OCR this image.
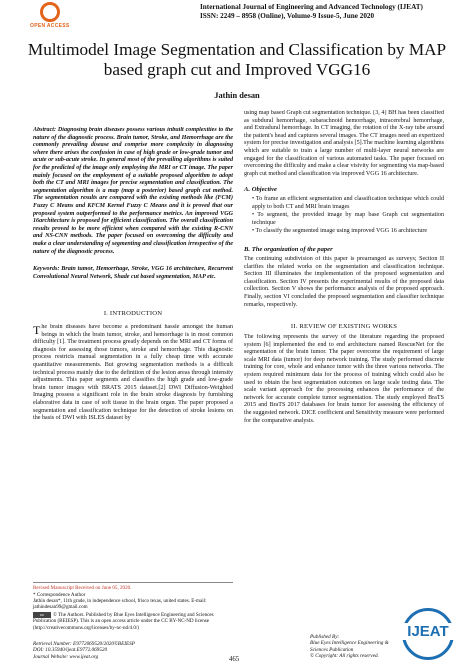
OPEN ACCESS
International Journal of Engineering and Advanced Technology (IJEAT)
ISSN: 2249 – 8958 (Online), Volume-9 Issue-5, June 2020
Multimodel Image Segmentation and Classification by MAP based graph cut and Improved VGG16
Jathin desan
Abstract: Diagnosing brain diseases possess various inbuilt complexities to the nature of the diagnostic process. Brain tumor, Stroke, and Hemorrhage are the commonly prevailing disease and comprise more complexity in diagnosing where there arises the confusion in case of high grade or low-grade tumor and acute or sub-acute stroke. In general most of the prevailing algorithms is suited for the predicted of the image only employing the MRI or CT image. The paper mainly focused on the employment of a suitable proposed algorithm to adopt both the CT and MRI images for precise segmentation and classification. The segmentation algorithm is a map (map a posterior) based graph cut method. The segmentation results are compared with the existing methods like (FCM) Fuzzy C Means and KFCM Kernel Fuzzy C Means and it is proved that our proposed system outperformed to the performance metrics. An improved VGG 16architecture is proposed for efficient classification. The overall classification results proved to be more efficient when compared with the existing R-CNN and NS-CNN methods. The paper focused on overcoming the difficulty and make a clear understanding of segmenting and classification irrespective of the nature of the diagnostic process.
Keywords: Brain tumor, Hemorrhage, Stroke, VGG 16 architecture, Recurrent Convolutional Neural Network, Shade cut based segmentation, MAP etc.
I. INTRODUCTION
The brain diseases have become a predominant hassle amongst the human beings in which the brain tumor, stroke, and hemorrhage is in most common difficulty [1]. The treatment process greatly depends on the MRI and CT forms of diagnosis for assessing those tumors, stroke and hemorrhage. This diagnostic process restricts manual segmentation in a fully cheap time with accurate quantitative measurements. But growing segmentation methods is a difficult technical process mainly due to the definition of the lesion areas through intensity adjustments. This paper segments and classifies the high grade and low-grade brain tumor images with BRATS 2015 dataset.[2] DWI Diffusion-Weighted Imaging possess a significant role in the brain stroke diagnosis by furnishing elaborative data in case of soft tissue in the brain organ. The paper proposed a segmentation and classification technique for the detection of stroke lesions on the basis of DWI with ISLES dataset by
Revised Manuscript Received on June 05, 2020.
* Correspondence Author
Jathin desan*, 11th grade, in independence school, frisco texas, united states. E-mail: jathindesan99@gmail.com
cc © The Authors. Published by Blue Eyes Intelligence Engineering and Sciences Publication (BEIESP). This is an open access article under the CC BY-NC-ND license (http://creativecommons.org/licenses/by-nc-nd/4.0/)
using map based Graph cut segmentation technique. [3, 4] BH has been classified as subdural hemorrhage, subarachnoid hemorrhage, intracerebral hemorrhage, and Extradural hemorrhage. In CT imaging, the rotation of the X-ray tube around the patient's head and captures several images. The CT images need an expertized system for precise investigation and analysis [5].The machine learning algorithms which are suitable to train a large number of multi-layer neural networks are engaged for the classification of various automated tasks. The paper focused on overcoming the difficulty and make a clear visivity for segmenting via map-based graph cut method and classification via improved VGG 16 architecture.
A. Objective
• To frame an efficient segmentation and classification technique which could apply to both CT and MRI brain images
• To segment, the provided image by map base Graph cut segmentation technique
• To classify the segmented image using improved VGG 16 architecture
B. The organization of the paper
The continuing subdivision of this paper is prearranged as surveys; Section II clarifies the related works on the segmentation and classification technique. Section III illuminates the implementation of the proposed segmentation and classification. Section IV presents the experimental results of the proposed data collection. Section V shows the performance analysis of the proposed approach. Finally, section VI concluded the proposed segmentation and classifier technique remarks, respectively.
II. REVIEW OF EXISTING WORKS
The following represents the survey of the literature regarding the proposed system [6] implemented the end to end architecture named RescueNet for the segmentation of the brain tumor. The paper overcome the requirement of large scale MRI data (tumor) for deep network training. The study performed discrete training for core, whole and enhance tumor with the three various networks. The system required minimum data for the process of training which could also be used to obtain the best segmentation outcomes on large scale testing data. The scale variant approach for the processing enhances the performance of the network for accurate complete tumor segmentation. The study employed BraTS 2015 and BraTS 2017 databases for brain tumor for assessing the efficiency of the suggested network. DICE coefficient and Sensitivity measure were performed for the comparative analysis.
Retrieval Number: E9772069520/2020©BEIESP
DOI: 10.35940/ijeat.E9772.069520
Journal Website: www.ijeat.org	465
Published By:
Blue Eyes Intelligence Engineering & Sciences Publication
© Copyright: All rights reserved.
IJEAT
